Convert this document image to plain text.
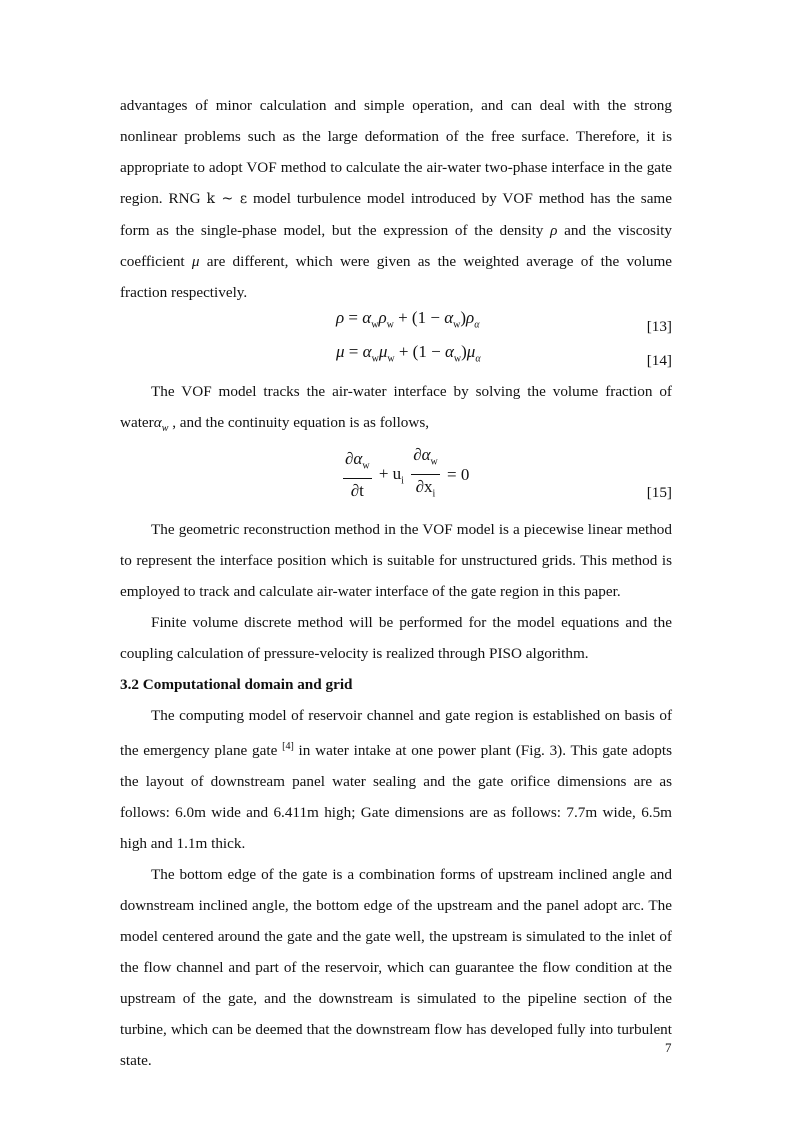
advantages of minor calculation and simple operation, and can deal with the strong nonlinear problems such as the large deformation of the free surface. Therefore, it is appropriate to adopt VOF method to calculate the air-water two-phase interface in the gate region. RNG k ~ ε model turbulence model introduced by VOF method has the same form as the single-phase model, but the expression of the density ρ and the viscosity coefficient μ are different, which were given as the weighted average of the volume fraction respectively.

$\rho = \alpha_w\rho_w + (1 - \alpha_w)\rho_\alpha$	[13]
$\mu = \alpha_w\mu_w + (1 - \alpha_w)\mu_\alpha$	[14]

The VOF model tracks the air-water interface by solving the volume fraction of waterα$_w$ , and the continuity equation is as follows,

$\partial\alpha_w$
∂t
+ $u_i \frac{\partial\alpha_w}{\partial x_i} = 0$
[15]

The geometric reconstruction method in the VOF model is a piecewise linear method to represent the interface position which is suitable for unstructured grids. This method is employed to track and calculate air-water interface of the gate region in this paper.

Finite volume discrete method will be performed for the model equations and the coupling calculation of pressure-velocity is realized through PISO algorithm.

3.2 Computational domain and grid

The computing model of reservoir channel and gate region is established on basis of the emergency plane gate [4] in water intake at one power plant (Fig. 3). This gate adopts the layout of downstream panel water sealing and the gate orifice dimensions are as follows: 6.0m wide and 6.411m high; Gate dimensions are as follows: 7.7m wide, 6.5m high and 1.1m thick.

The bottom edge of the gate is a combination forms of upstream inclined angle and downstream inclined angle, the bottom edge of the upstream and the panel adopt arc. The model centered around the gate and the gate well, the upstream is simulated to the inlet of the flow channel and part of the reservoir, which can guarantee the flow condition at the upstream of the gate, and the downstream is simulated to the pipeline section of the turbine, which can be deemed that the downstream flow has developed fully into turbulent state.

7
